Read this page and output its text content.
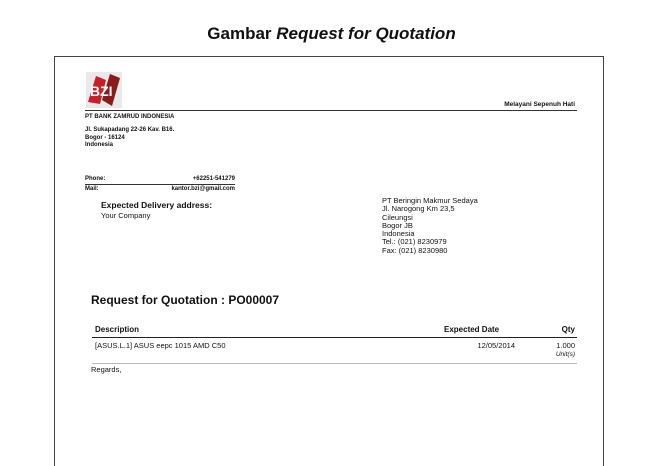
Gambar Request for Quotation
BZI
Melayani Sepenuh Hati
PT BANK ZAMRUD INDONESIA
Jl. Sukapadang 22-26 Kav. B16.
Bogor - 16124
Indonesia
Phone:	+62251-541279
Mail:	kantor.bzi@gmail.com
Expected Delivery address:
Your Company
PT Beringin Makmur Sedaya
Jl. Narogong Km 23,5
Cileungsi
Bogor JB
Indonesia
Tel.: (021) 8230979
Fax: (021) 8230980
Request for Quotation : PO00007
Description	Expected Date	Qty
[ASUS.L.1] ASUS eepc 1015 AMD C50	12/05/2014	1.000
Unit(s)
Regards,
